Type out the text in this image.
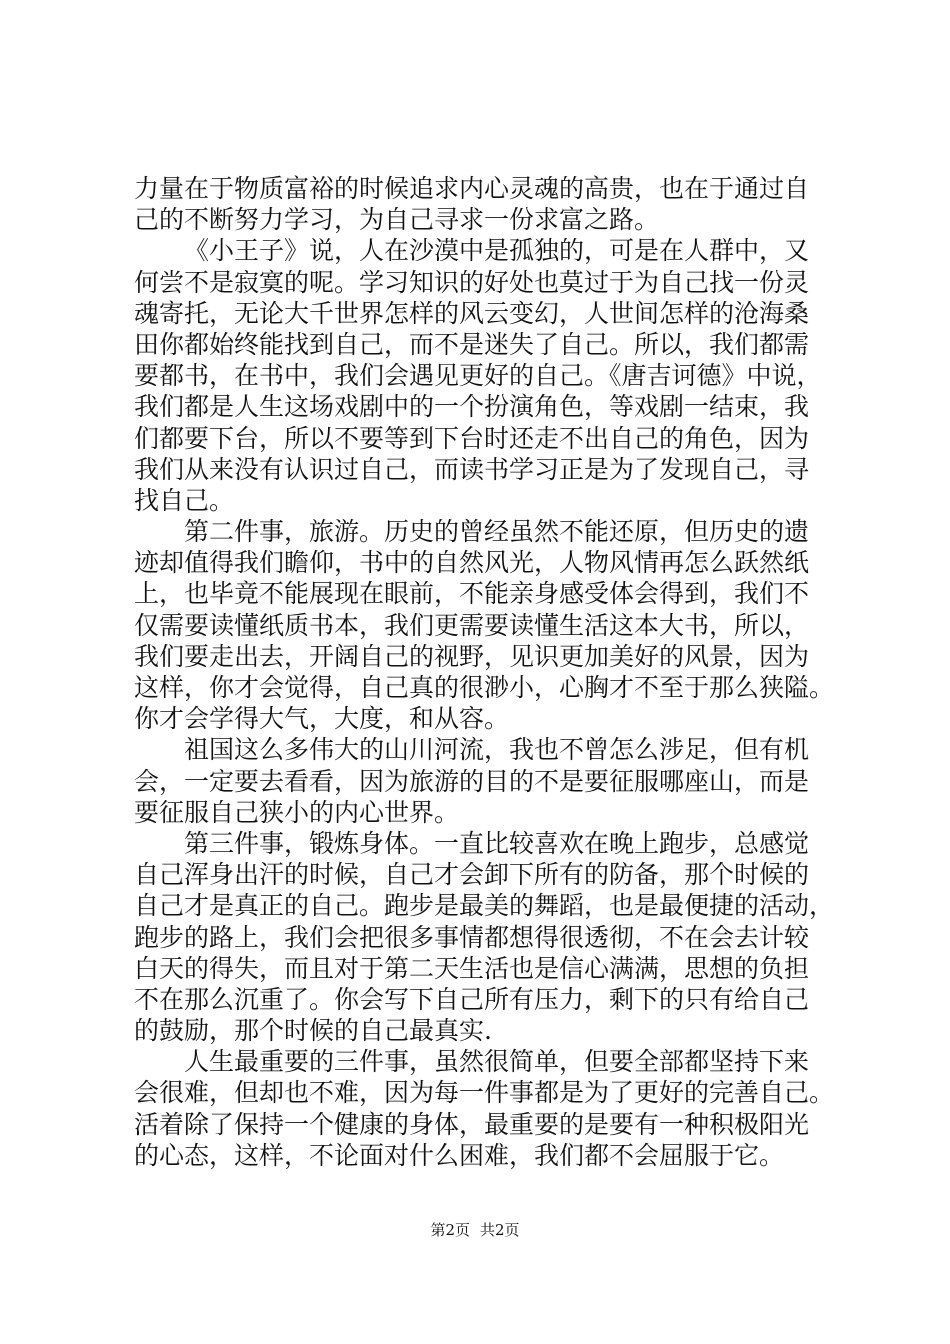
力量在于物质富裕的时候追求内心灵魂的高贵，也在于通过自
己的不断努力学习，为自己寻求一份求富之路。
《小王子》说，人在沙漠中是孤独的，可是在人群中，又
何尝不是寂寞的呢。学习知识的好处也莫过于为自己找一份灵
魂寄托，无论大千世界怎样的风云变幻，人世间怎样的沧海桑
田你都始终能找到自己，而不是迷失了自己。所以，我们都需
要都书，在书中，我们会遇见更好的自己。《唐吉诃德》中说，
我们都是人生这场戏剧中的一个扮演角色，等戏剧一结束，我
们都要下台，所以不要等到下台时还走不出自己的角色，因为
我们从来没有认识过自己，而读书学习正是为了发现自己，寻
找自己。
第二件事，旅游。历史的曾经虽然不能还原，但历史的遗
迹却值得我们瞻仰，书中的自然风光，人物风情再怎么跃然纸
上，也毕竟不能展现在眼前，不能亲身感受体会得到，我们不
仅需要读懂纸质书本，我们更需要读懂生活这本大书，所以，
我们要走出去，开阔自己的视野，见识更加美好的风景，因为
这样，你才会觉得，自己真的很渺小，心胸才不至于那么狭隘。
你才会学得大气，大度，和从容。
祖国这么多伟大的山川河流，我也不曾怎么涉足，但有机
会，一定要去看看，因为旅游的目的不是要征服哪座山，而是
要征服自己狭小的内心世界。
第三件事，锻炼身体。一直比较喜欢在晚上跑步，总感觉
自己浑身出汗的时候，自己才会卸下所有的防备，那个时候的
自己才是真正的自己。跑步是最美的舞蹈，也是最便捷的活动，
跑步的路上，我们会把很多事情都想得很透彻，不在会去计较
白天的得失，而且对于第二天生活也是信心满满，思想的负担
不在那么沉重了。你会写下自己所有压力，剩下的只有给自己
的鼓励，那个时候的自己最真实.
人生最重要的三件事，虽然很简单，但要全部都坚持下来
会很难，但却也不难，因为每一件事都是为了更好的完善自己。
活着除了保持一个健康的身体，最重要的是要有一种积极阳光
的心态，这样，不论面对什么困难，我们都不会屈服于它。
第2页 共2页
